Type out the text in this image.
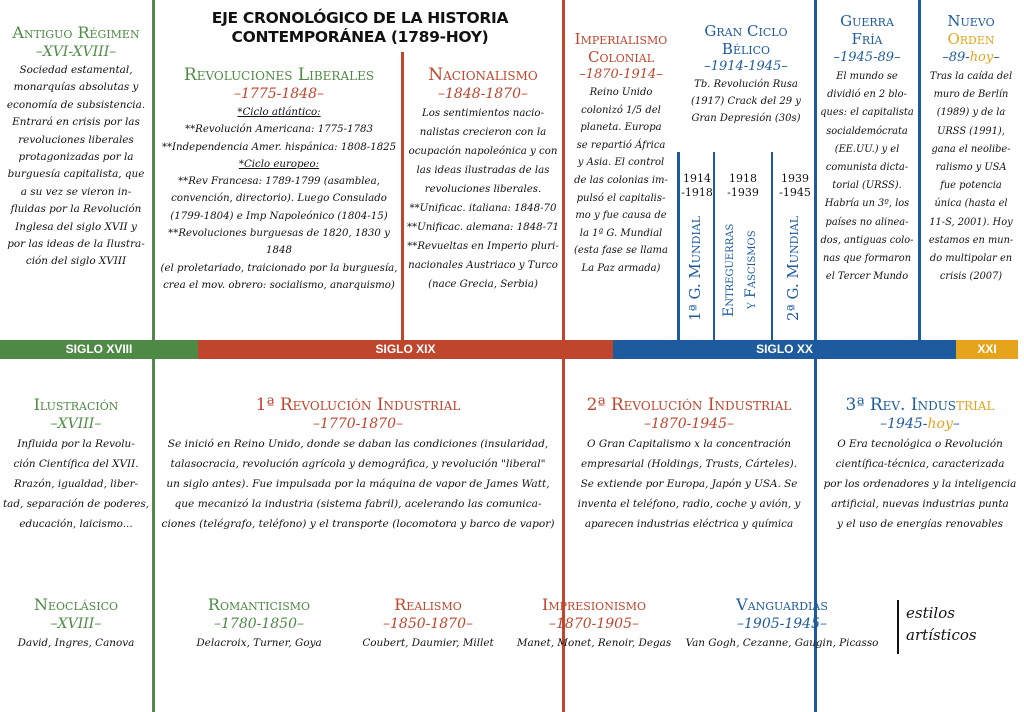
SIGLO XVIII	SIGLO XIX	SIGLO XX	XXI
EJE CRONOLÓGICO DE LA HISTORIA
CONTEMPORÁNEA (1789-HOY)
Antiguo Régimen
–XVI-XVIII–
Sociedad estamental,
monarquías absolutas y
economía de subsistencia.
Entrará en crisis por las
revoluciones liberales
protagonizadas por la
burguesía capitalista, que
a su vez se vieron in-
fluidas por la Revolución
Inglesa del siglo XVII y
por las ideas de la Ilustra-
ción del siglo XVIII
Revoluciones Liberales
–1775-1848–
*Ciclo atlántico:
**Revolución Americana: 1775-1783
**Independencia Amer. hispánica: 1808-1825
*Ciclo europeo:
**Rev Francesa: 1789-1799 (asamblea,
convención, directorio). Luego Consulado
(1799-1804) e Imp Napoleónico (1804-15)
**Revoluciones burguesas de 1820, 1830 y 1848
(el proletariado, traicionado por la burguesía,
crea el mov. obrero: socialismo, anarquismo)
Nacionalismo
–1848-1870–
Los sentimientos nacio-
nalistas crecieron con la
ocupación napoleónica y con
las ideas ilustradas de las
revoluciones liberales.
**Unificac. italiana: 1848-70
**Unificac. alemana: 1848-71
**Revueltas en Imperio pluri-
nacionales Austriaco y Turco
(nace Grecia, Serbia)
Imperialismo
Colonial
–1870-1914–
Reino Unido
colonizó 1/5 del
planeta. Europa
se repartió África
y Asia. El control
de las colonias im-
pulsó el capitalis-
mo y fue causa de
la 1ª G. Mundial
(esta fase se llama
La Paz armada)
Gran Ciclo
Bélico
–1914-1945–
Tb. Revolución Rusa
(1917) Crack del 29 y
Gran Depresión (30s)
1914
-1918
1ª G. Mundial
1918
-1939
Entreguerras y Fascismos
1939
-1945
2ª G. Mundial
Guerra
Fría
–1945-89–
El mundo se
dividió en 2 blo-
ques: el capitalista
socialdemócrata
(EE.UU.) y el
comunista dicta-
torial (URSS).
Habría un 3º, los
países no alinea-
dos, antiguas colo-
nas que formaron
el Tercer Mundo
Nuevo
Orden
–89-hoy–
Tras la caída del
muro de Berlín
(1989) y de la
URSS (1991),
gana el neolibe-
ralismo y USA
fue potencia
única (hasta el
11-S, 2001). Hoy
estamos en mun-
do multipolar en
crisis (2007)
Ilustración
–XVIII–
Influida por la Revolu-
ción Científica del XVII.
Rrazón, igualdad, liber-
tad, separación de poderes,
educación, laicismo...
1ª Revolución Industrial
–1770-1870–
Se inició en Reino Unido, donde se daban las condiciones (insularidad,
talasocracia, revolución agrícola y demográfica, y revolución "liberal"
un siglo antes). Fue impulsada por la máquina de vapor de James Watt,
que mecanizó la industria (sistema fabril), acelerando las comunica-
ciones (telégrafo, teléfono) y el transporte (locomotora y barco de vapor)
2ª Revolución Industrial
–1870-1945–
O Gran Capitalismo x la concentración
empresarial (Holdings, Trusts, Cárteles).
Se extiende por Europa, Japón y USA. Se
inventa el teléfono, radio, coche y avión, y
aparecen industrias eléctrica y química
3ª Rev. Industrial
–1945-hoy–
O Era tecnológica o Revolución
científica-técnica, caracterizada
por los ordenadores y la inteligencia
artificial, nuevas industrias punta
y el uso de energías renovables
Neoclásico
–XVIII–
David, Ingres, Canova
Romanticismo
–1780-1850–
Delacroix, Turner, Goya
Realismo
–1850-1870–
Coubert, Daumier, Millet
Impresionismo
–1870-1905–
Manet, Monet, Renoir, Degas
Vanguardias
–1905-1945–
Van Gogh, Cezanne, Gaugin, Picasso
estilos
artísticos
